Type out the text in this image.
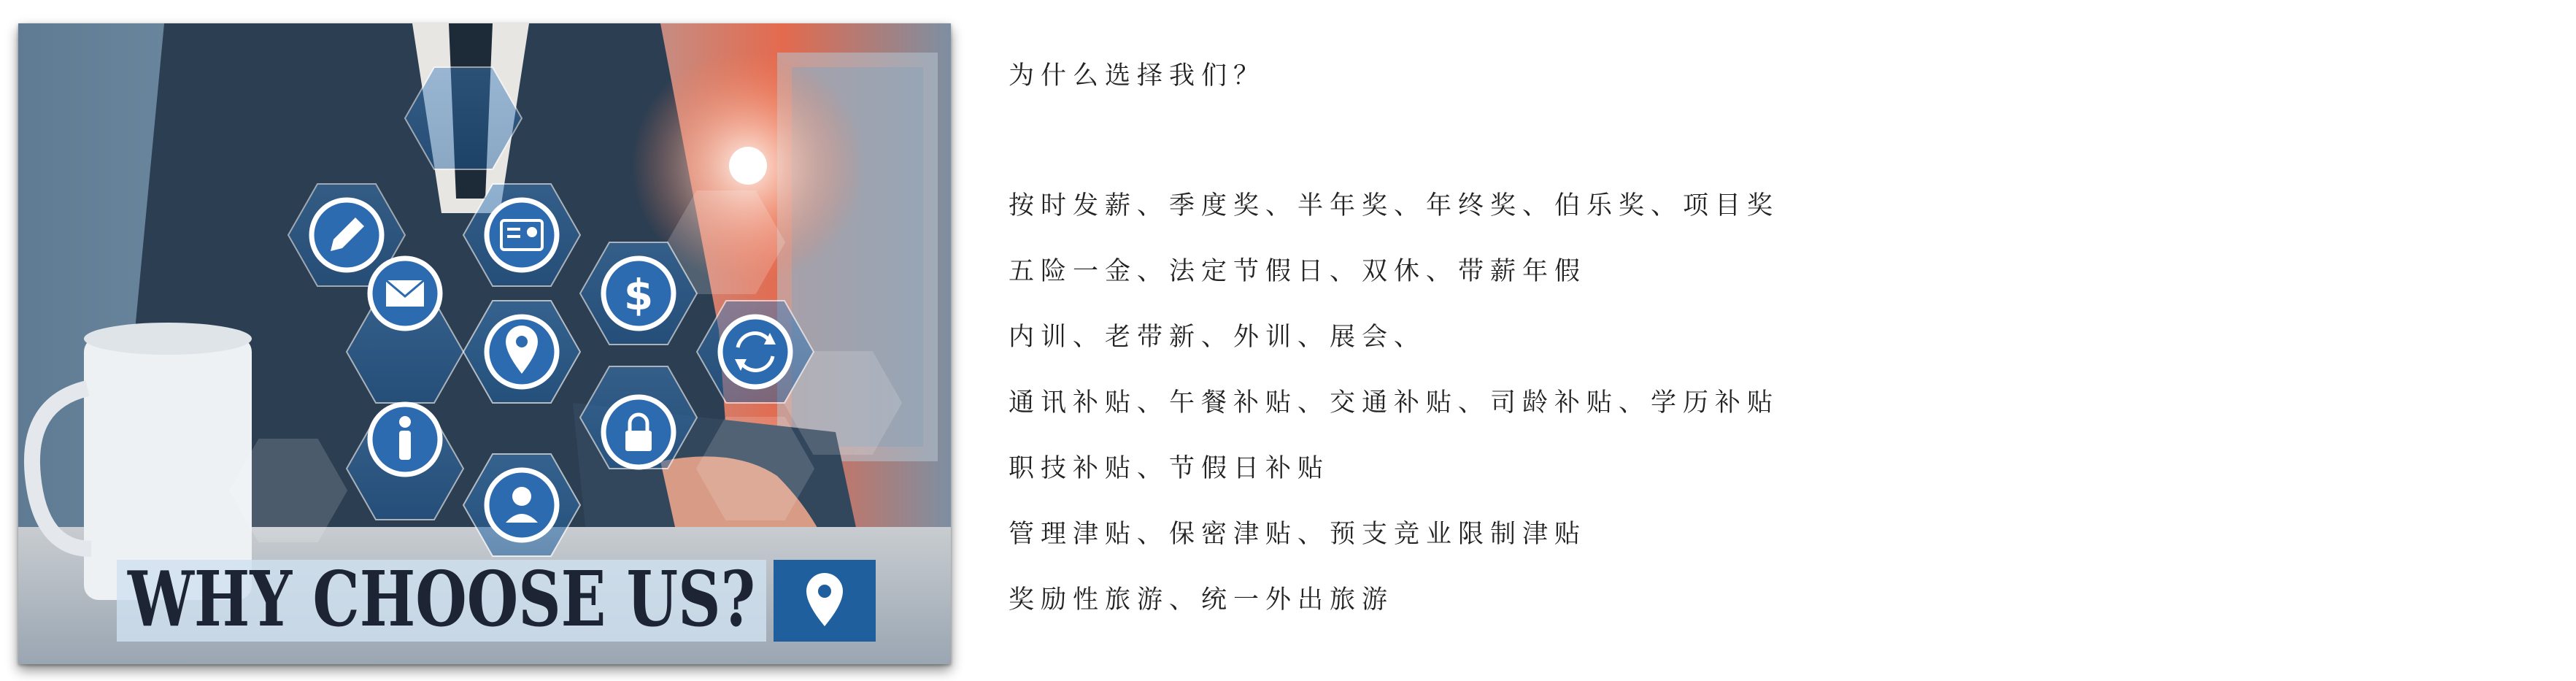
$
WHY CHOOSE US?

为什么选择我们？

按时发薪、季度奖、半年奖、年终奖、伯乐奖、项目奖
五险一金、法定节假日、双休、带薪年假
内训、老带新、外训、展会、
通讯补贴、午餐补贴、交通补贴、司龄补贴、学历补贴
职技补贴、节假日补贴
管理津贴、保密津贴、预支竞业限制津贴
奖励性旅游、统一外出旅游
